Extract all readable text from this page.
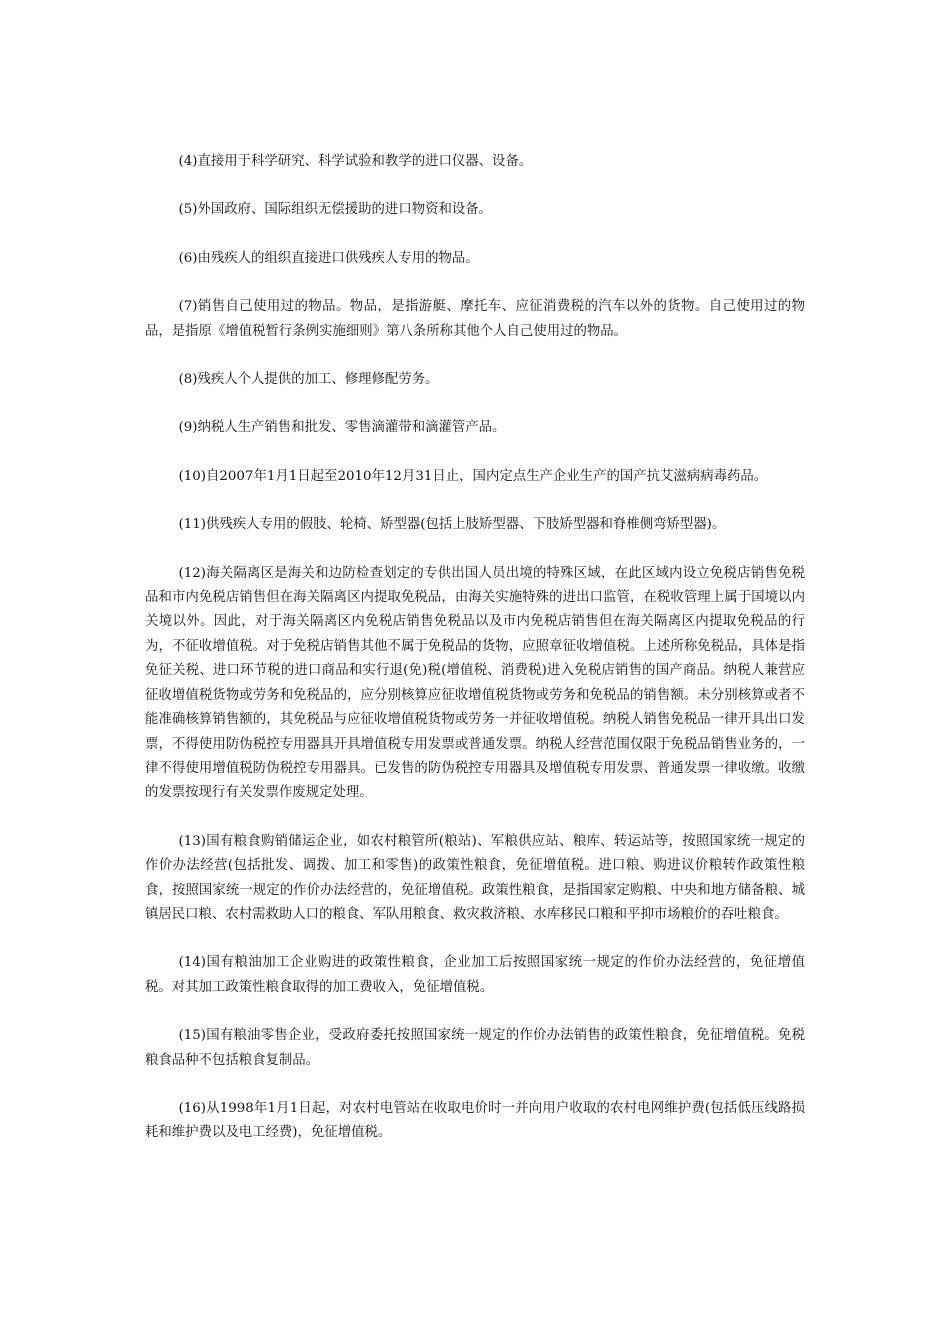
(4)直接用于科学研究、科学试验和教学的进口仪器、设备。

(5)外国政府、国际组织无偿援助的进口物资和设备。

(6)由残疾人的组织直接进口供残疾人专用的物品。

(7)销售自己使用过的物品。物品，是指游艇、摩托车、应征消费税的汽车以外的货物。自己使用过的物品，是指原《增值税暂行条例实施细则》第八条所称其他个人自己使用过的物品。

(8)残疾人个人提供的加工、修理修配劳务。

(9)纳税人生产销售和批发、零售滴灌带和滴灌管产品。

(10)自2007年1月1日起至2010年12月31日止，国内定点生产企业生产的国产抗艾滋病病毒药品。

(11)供残疾人专用的假肢、轮椅、矫型器(包括上肢矫型器、下肢矫型器和脊椎侧弯矫型器)。

(12)海关隔离区是海关和边防检查划定的专供出国人员出境的特殊区域，在此区域内设立免税店销售免税品和市内免税店销售但在海关隔离区内提取免税品，由海关实施特殊的进出口监管，在税收管理上属于国境以内关境以外。因此，对于海关隔离区内免税店销售免税品以及市内免税店销售但在海关隔离区内提取免税品的行为，不征收增值税。对于免税店销售其他不属于免税品的货物，应照章征收增值税。上述所称免税品，具体是指免征关税、进口环节税的进口商品和实行退(免)税(增值税、消费税)进入免税店销售的国产商品。纳税人兼营应征收增值税货物或劳务和免税品的，应分别核算应征收增值税货物或劳务和免税品的销售额。未分别核算或者不能准确核算销售额的，其免税品与应征收增值税货物或劳务一并征收增值税。纳税人销售免税品一律开具出口发票，不得使用防伪税控专用器具开具增值税专用发票或普通发票。纳税人经营范围仅限于免税品销售业务的，一律不得使用增值税防伪税控专用器具。已发售的防伪税控专用器具及增值税专用发票、普通发票一律收缴。收缴的发票按现行有关发票作废规定处理。

(13)国有粮食购销储运企业，如农村粮管所(粮站)、军粮供应站、粮库、转运站等，按照国家统一规定的作价办法经营(包括批发、调拨、加工和零售)的政策性粮食，免征增值税。进口粮、购进议价粮转作政策性粮食，按照国家统一规定的作价办法经营的，免征增值税。政策性粮食，是指国家定购粮、中央和地方储备粮、城镇居民口粮、农村需救助人口的粮食、军队用粮食、救灾救济粮、水库移民口粮和平抑市场粮价的吞吐粮食。

(14)国有粮油加工企业购进的政策性粮食，企业加工后按照国家统一规定的作价办法经营的，免征增值税。对其加工政策性粮食取得的加工费收入，免征增值税。

(15)国有粮油零售企业，受政府委托按照国家统一规定的作价办法销售的政策性粮食，免征增值税。免税粮食品种不包括粮食复制品。

(16)从1998年1月1日起，对农村电管站在收取电价时一并向用户收取的农村电网维护费(包括低压线路损耗和维护费以及电工经费)，免征增值税。
